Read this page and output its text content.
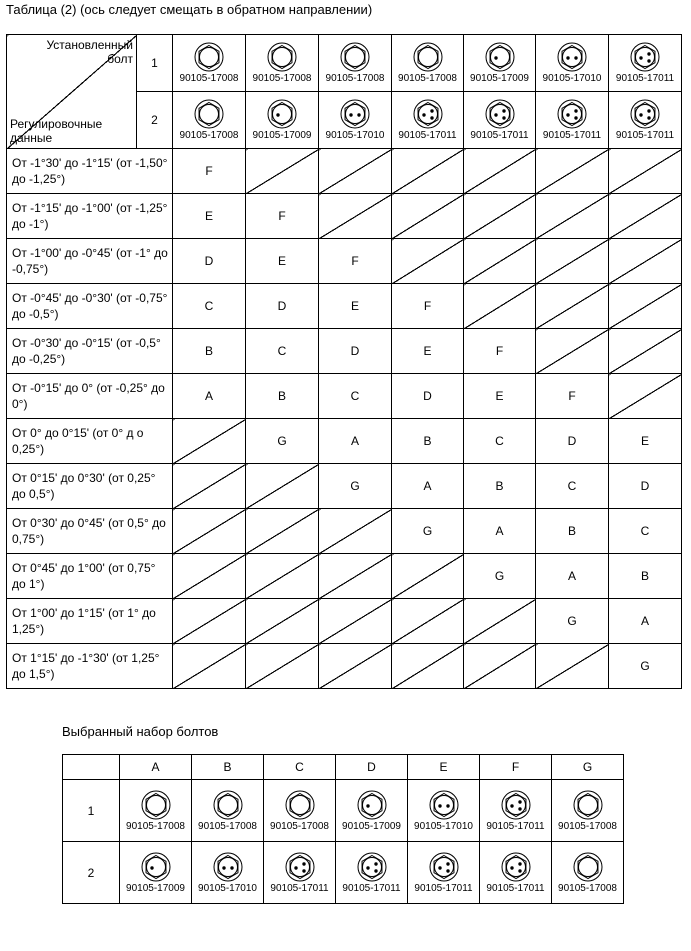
Таблица (2) (ось следует смещать в обратном направлении)
Установленный болт
Регулировочные данные	1	90105-17008	90105-17008	90105-17008	90105-17008	90105-17009	90105-17010	90105-17011

	2	90105-17008	90105-17009	90105-17010	90105-17011	90105-17011	90105-17011	90105-17011

От -1°30' до -1°15' (от -1,50° до -1,25°)		F						
От -1°15' до -1°00' (от -1,25° до -1°)		E	F					
От -1°00' до -0°45' (от -1° до -0,75°)		D	E	F				
От -0°45' до -0°30' (от -0,75° до -0,5°)		C	D	E	F			
От -0°30' до -0°15' (от -0,5° до -0,25°)		B	C	D	E	F		
От -0°15' до 0° (от -0,25° до 0°)		A	B	C	D	E	F	
От 0° до 0°15' (от 0° д о 0,25°)			G	A	B	C	D	E
От 0°15' до 0°30' (от 0,25° до 0,5°)				G	A	B	C	D
От 0°30' до 0°45' (от 0,5° до 0,75°)					G	A	B	C
От 0°45' до 1°00' (от 0,75° до 1°)						G	A	B
От 1°00' до 1°15' (от 1° до 1,25°)							G	A
От 1°15' до -1°30' (от 1,25° до 1,5°)								G
Выбранный набор болтов
	A	B	C	D	E	F	G
1	90105-17008	90105-17008	90105-17008	90105-17009	90105-17010	90105-17011	90105-17008

2	90105-17009	90105-17010	90105-17011	90105-17011	90105-17011	90105-17011	90105-17008
